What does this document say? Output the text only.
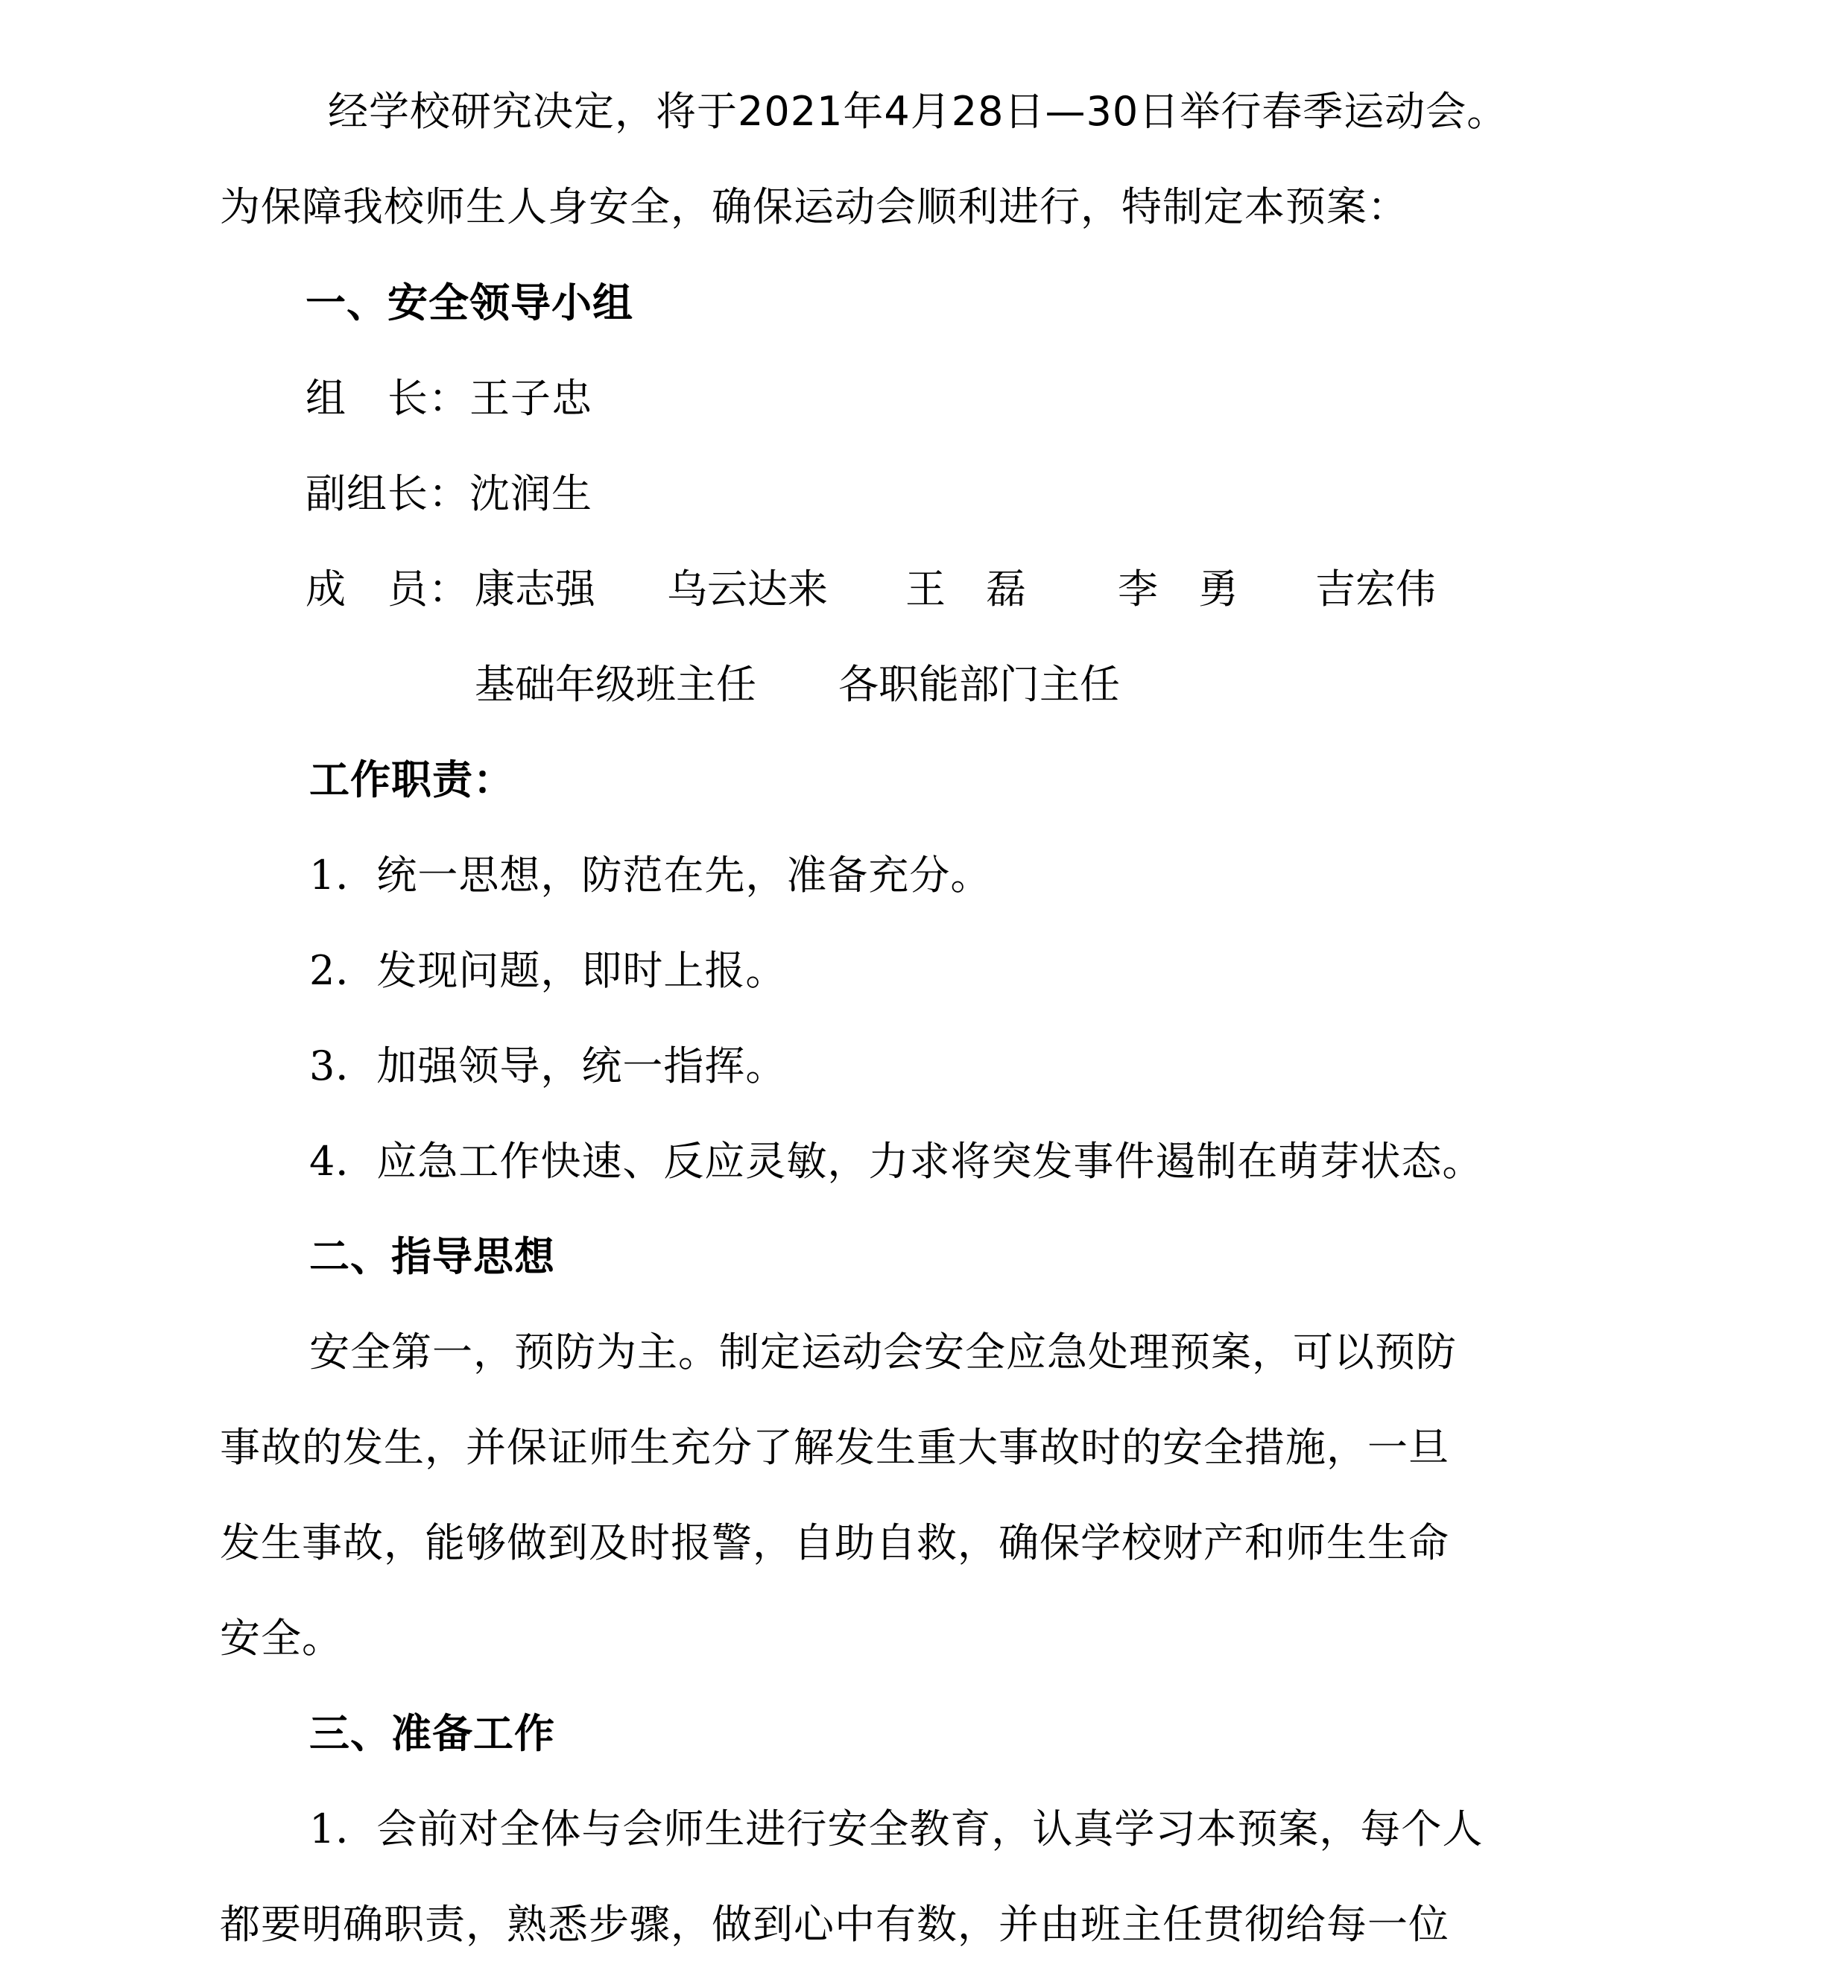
经学校研究决定，将于2021年4月28日—30日举行春季运动会。
为保障我校师生人身安全，确保运动会顺利进行，特制定本预案：
一、安全领导小组
组　长：王子忠
副组长：沈润生
成　员： 康志强 乌云达来 王　磊 李　勇 吉宏伟
基础年级班主任 各职能部门主任
工作职责：
1．统一思想，防范在先，准备充分。
2．发现问题，即时上报。
3．加强领导，统一指挥。
4．应急工作快速、反应灵敏，力求将突发事件遏制在萌芽状态。
二、指导思想
安全第一，预防为主。制定运动会安全应急处理预案，可以预防
事故的发生，并保证师生充分了解发生重大事故时的安全措施，一旦
发生事故，能够做到及时报警，自助自救，确保学校财产和师生生命
安全。
三、准备工作
1．会前对全体与会师生进行安全教育，认真学习本预案，每个人
都要明确职责，熟悉步骤，做到心中有数，并由班主任贯彻给每一位
